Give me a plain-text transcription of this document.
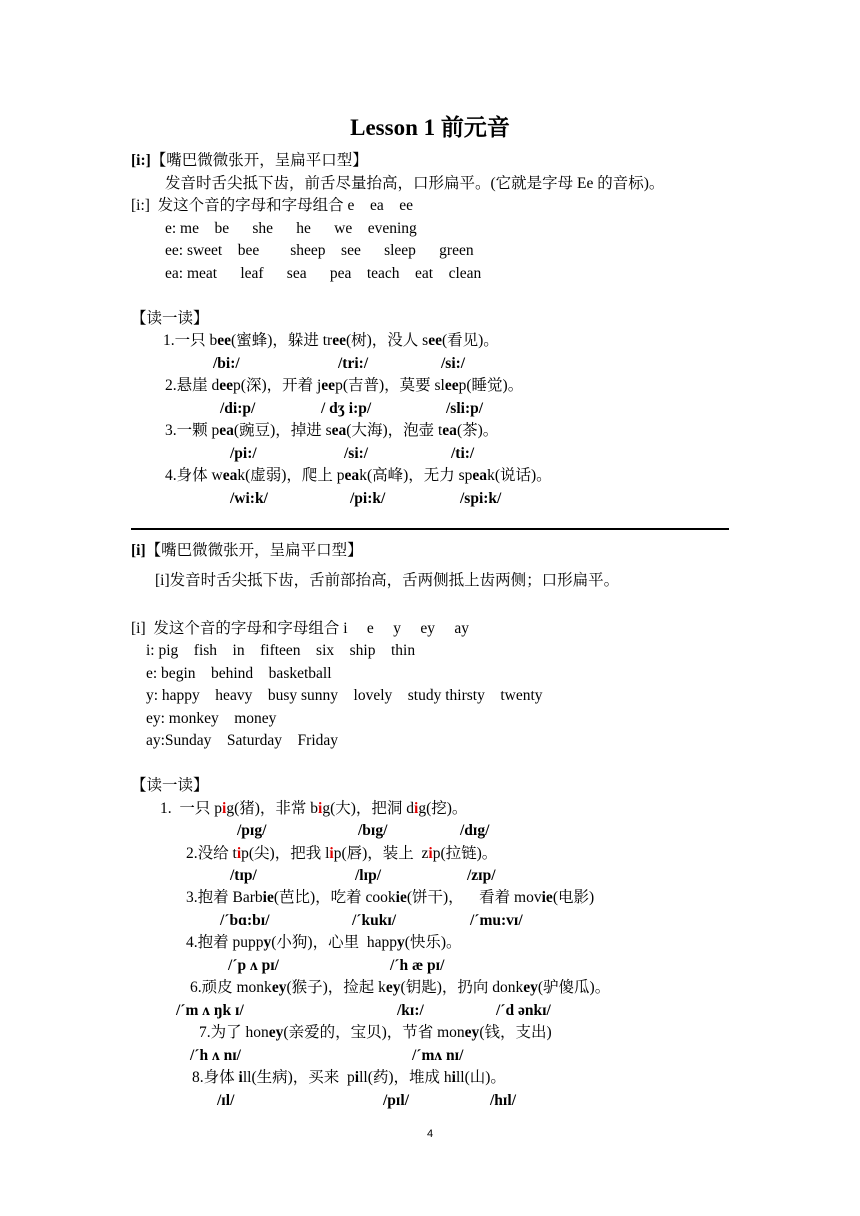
Lesson 1 前元音
[i:]【嘴巴微微张开，呈扁平口型】
发音时舌尖抵下齿，前舌尽量抬高，口形扁平。(它就是字母 Ee 的音标)。
[i:]  发这个音的字母和字母组合 e    ea    ee
e: me    be      she      he      we    evening
ee: sweet    bee        sheep    see      sleep      green
ea: meat      leaf      sea      pea    teach    eat    clean
【读一读】
1.一只 bee(蜜蜂)，躲进 tree(树)，没人 see(看见)。
/bi:/	/tri:/	/si:/
2.悬崖 deep(深)，开着 jeep(吉普)，莫要 sleep(睡觉)。
/di:p/	/ dʒ i:p/	/sli:p/
3.一颗 pea(豌豆)，掉进 sea(大海)，泡壶 tea(茶)。
/pi:/	/si:/	/ti:/
4.身体 weak(虚弱)，爬上 peak(高峰)，无力 speak(说话)。
/wi:k/	/pi:k/	/spi:k/
[i]【嘴巴微微张开，呈扁平口型】
[i]发音时舌尖抵下齿，舌前部抬高，舌两侧抵上齿两侧；口形扁平。
[i]  发这个音的字母和字母组合 i     e     y     ey     ay
i: pig    fish    in    fifteen    six    ship    thin
e: begin    behind    basketball
y: happy    heavy    busy sunny    lovely    study thirsty    twenty
ey: monkey    money
ay:Sunday    Saturday    Friday
【读一读】
1.  一只 pig(猪)，非常 big(大)，把洞 dig(挖)。
/pɪg/	/bɪg/	/dɪg/
2.没给 tip(尖)，把我 lip(唇)，装上  zip(拉链)。
/tɪp/	/lɪp/	/zɪp/
3.抱着 Barbie(芭比)，吃着 cookie(饼干)，    看着 movie(电影)
/ˊbɑ:bɪ/	/ˊkukɪ/	/ˊmu:vɪ/
4.抱着 puppy(小狗)，心里  happy(快乐)。
/ˊp ʌ pɪ/	/ˊh æ pɪ/
6.顽皮 monkey(猴子)，捡起 key(钥匙)，扔向 donkey(驴傻瓜)。
/ˊm ʌ ŋk ɪ/	/kɪ:/	/ˊd ənkɪ/
7.为了 honey(亲爱的，宝贝)，节省 money(钱，支出)
/ˊh ʌ nɪ/	/ˊmʌ nɪ/
8.身体 ill(生病)，买来  pill(药)，堆成 hill(山)。
/ɪl/	/pɪl/	/hɪl/
4
